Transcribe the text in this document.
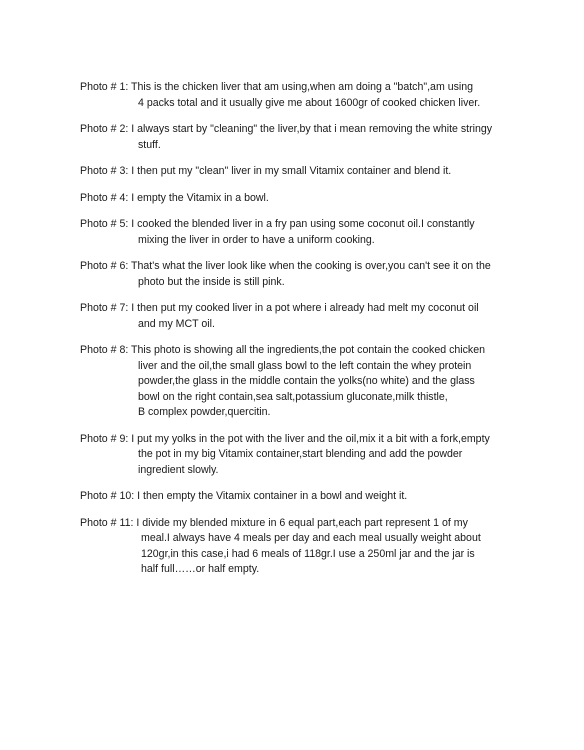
Photo # 1: This is the chicken liver that am using,when am doing a "batch",am using
4 packs total and it usually give me about 1600gr of cooked chicken liver.
Photo # 2: I always start by "cleaning" the liver,by that i mean removing the white stringy
stuff.
Photo # 3: I then put my "clean" liver in my small Vitamix container and blend it.
Photo # 4: I empty the Vitamix in a bowl.
Photo # 5: I cooked the blended liver in a fry pan using some coconut oil.I constantly
mixing the liver in order to have a uniform cooking.
Photo # 6: That's what the liver look like when the cooking is over,you can't see it on the
photo but the inside is still pink.
Photo # 7: I then put my cooked liver in a pot where i already had melt my coconut oil
and my MCT oil.
Photo # 8: This photo is showing all the ingredients,the pot contain the cooked chicken
liver and the oil,the small glass bowl to the left contain the whey protein
powder,the glass in the middle contain the yolks(no white) and the glass
bowl on the right contain,sea salt,potassium gluconate,milk thistle,
B complex powder,quercitin.
Photo # 9: I put my yolks in the pot with the liver and the oil,mix it a bit with a fork,empty
the pot in my big Vitamix container,start blending and add the powder
ingredient slowly.
Photo # 10: I then empty the Vitamix container in a bowl and weight it.
Photo # 11: I divide my blended mixture in 6 equal part,each part represent 1 of my
meal.I always have 4 meals per day and each meal usually weight about
120gr,in this case,i had 6 meals of 118gr.I use a 250ml jar and the jar is
half full……or half empty.
